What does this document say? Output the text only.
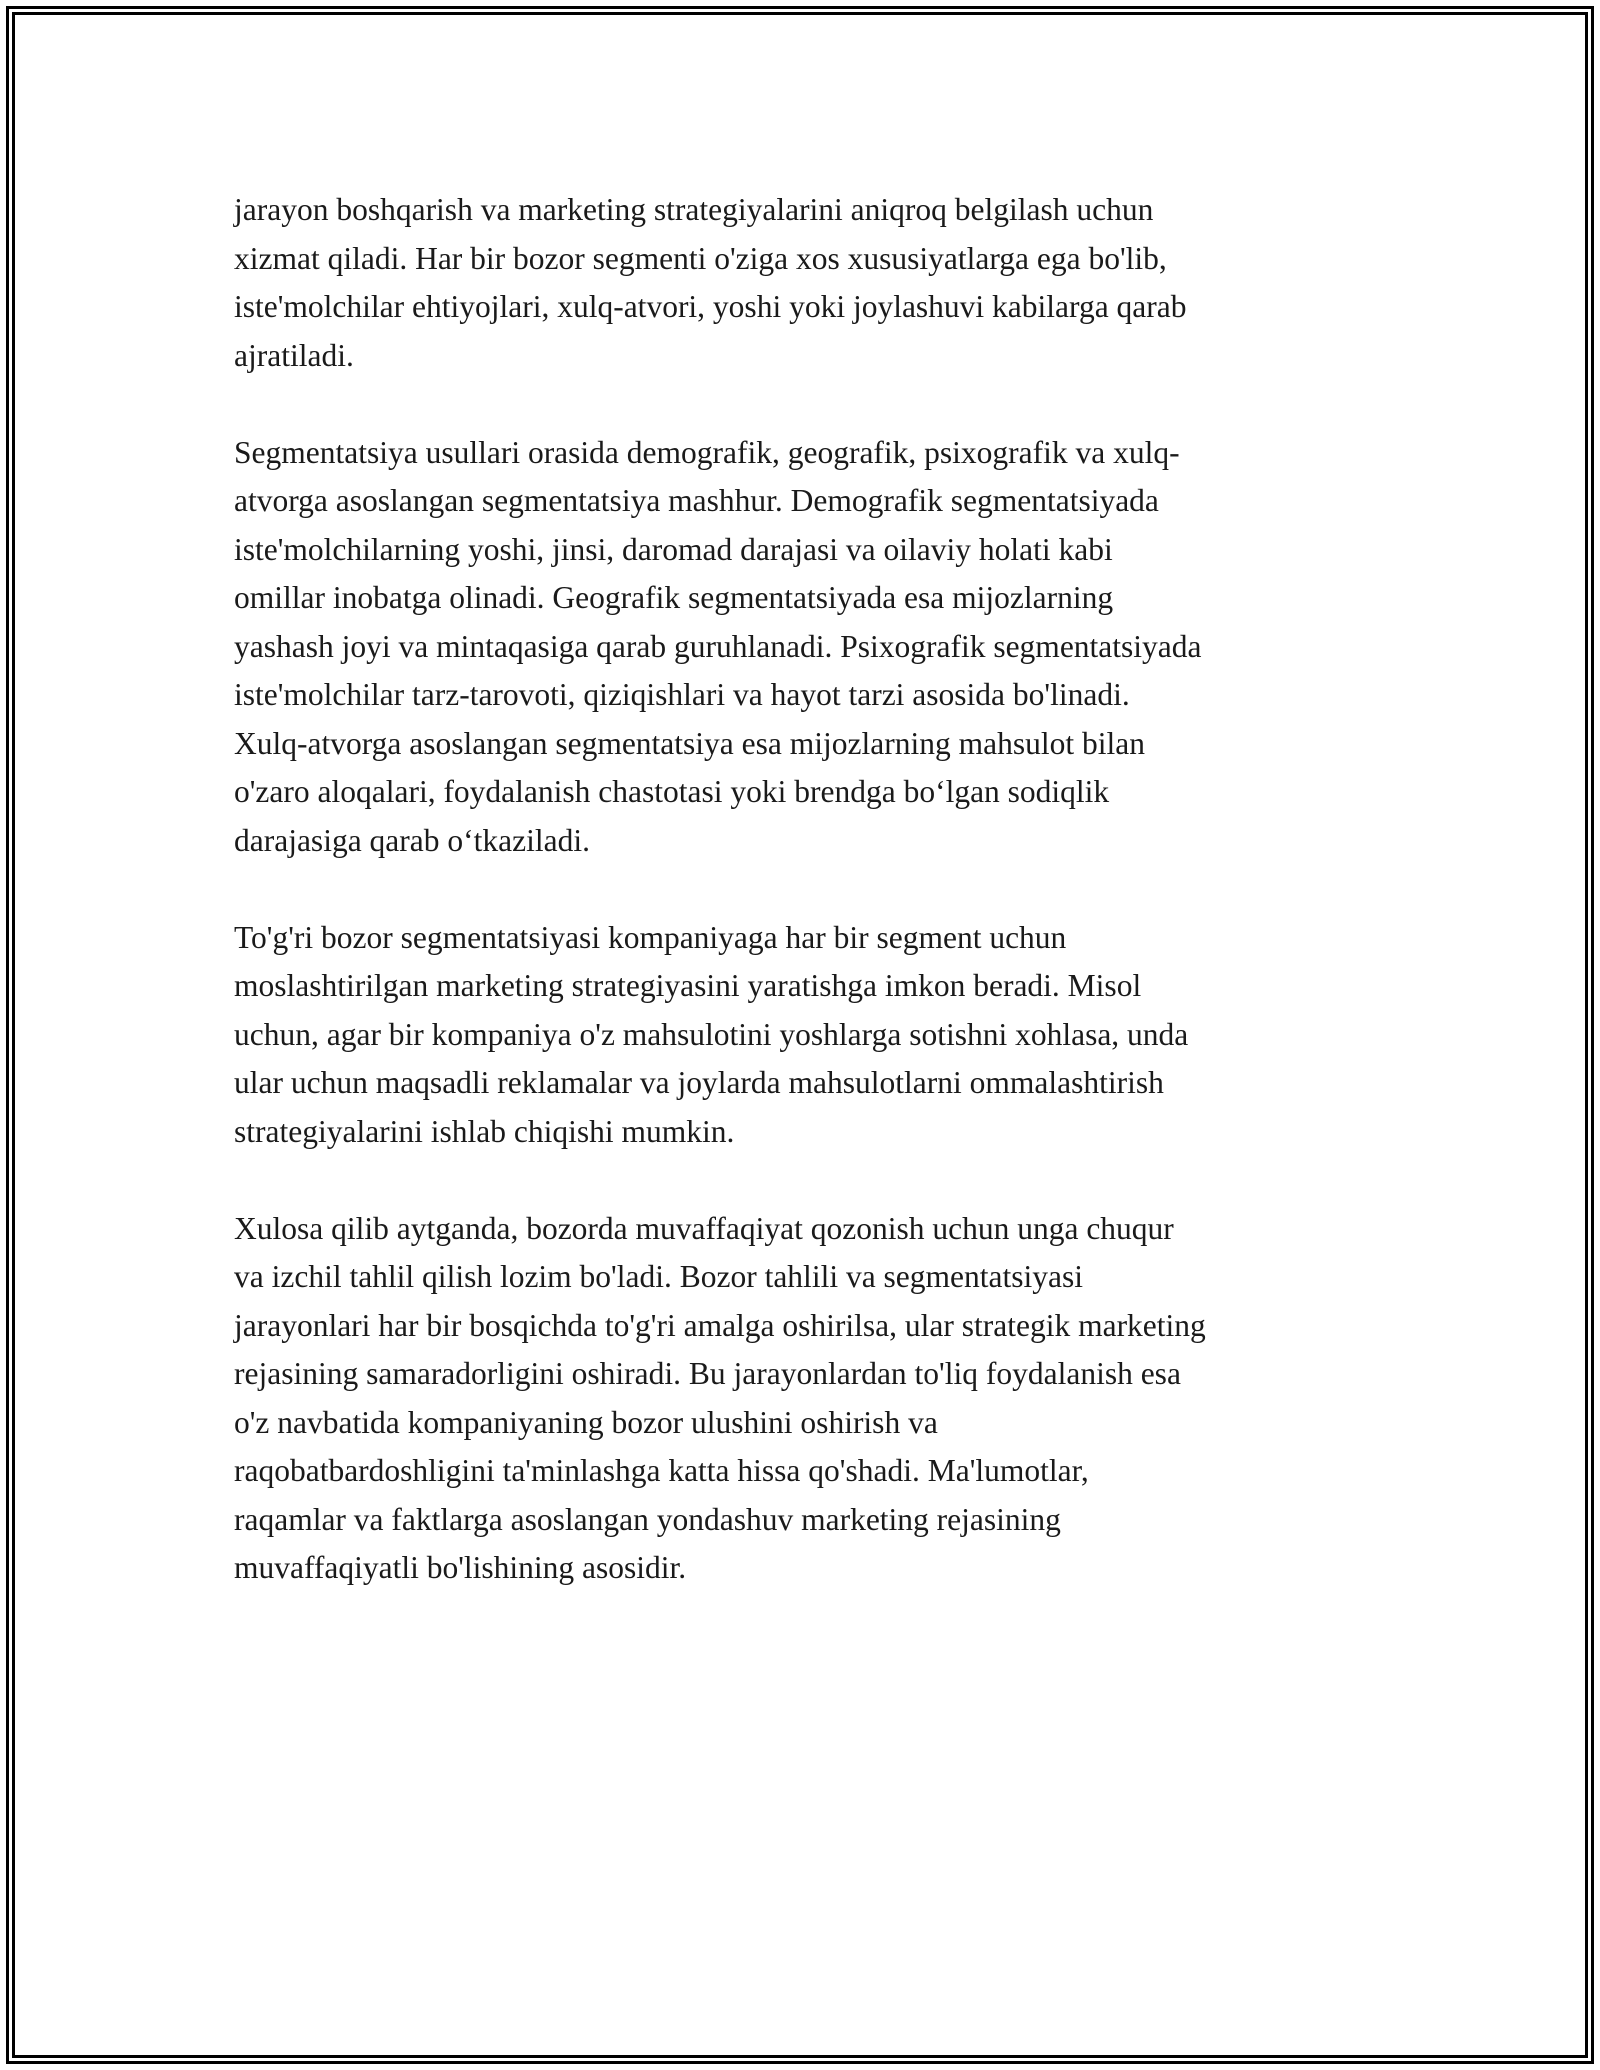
jarayon boshqarish va marketing strategiyalarini aniqroq belgilash uchun
xizmat qiladi. Har bir bozor segmenti o'ziga xos xususiyatlarga ega bo'lib,
iste'molchilar ehtiyojlari, xulq-atvori, yoshi yoki joylashuvi kabilarga qarab
ajratiladi.

Segmentatsiya usullari orasida demografik, geografik, psixografik va xulq-
atvorga asoslangan segmentatsiya mashhur. Demografik segmentatsiyada
iste'molchilarning yoshi, jinsi, daromad darajasi va oilaviy holati kabi
omillar inobatga olinadi. Geografik segmentatsiyada esa mijozlarning
yashash joyi va mintaqasiga qarab guruhlanadi. Psixografik segmentatsiyada
iste'molchilar tarz-tarovoti, qiziqishlari va hayot tarzi asosida bo'linadi.
Xulq-atvorga asoslangan segmentatsiya esa mijozlarning mahsulot bilan
o'zaro aloqalari, foydalanish chastotasi yoki brendga bo‘lgan sodiqlik
darajasiga qarab o‘tkaziladi.

To'g'ri bozor segmentatsiyasi kompaniyaga har bir segment uchun
moslashtirilgan marketing strategiyasini yaratishga imkon beradi. Misol
uchun, agar bir kompaniya o'z mahsulotini yoshlarga sotishni xohlasa, unda
ular uchun maqsadli reklamalar va joylarda mahsulotlarni ommalashtirish
strategiyalarini ishlab chiqishi mumkin.

Xulosa qilib aytganda, bozorda muvaffaqiyat qozonish uchun unga chuqur
va izchil tahlil qilish lozim bo'ladi. Bozor tahlili va segmentatsiyasi
jarayonlari har bir bosqichda to'g'ri amalga oshirilsa, ular strategik marketing
rejasining samaradorligini oshiradi. Bu jarayonlardan to'liq foydalanish esa
o'z navbatida kompaniyaning bozor ulushini oshirish va
raqobatbardoshligini ta'minlashga katta hissa qo'shadi. Ma'lumotlar,
raqamlar va faktlarga asoslangan yondashuv marketing rejasining
muvaffaqiyatli bo'lishining asosidir.
